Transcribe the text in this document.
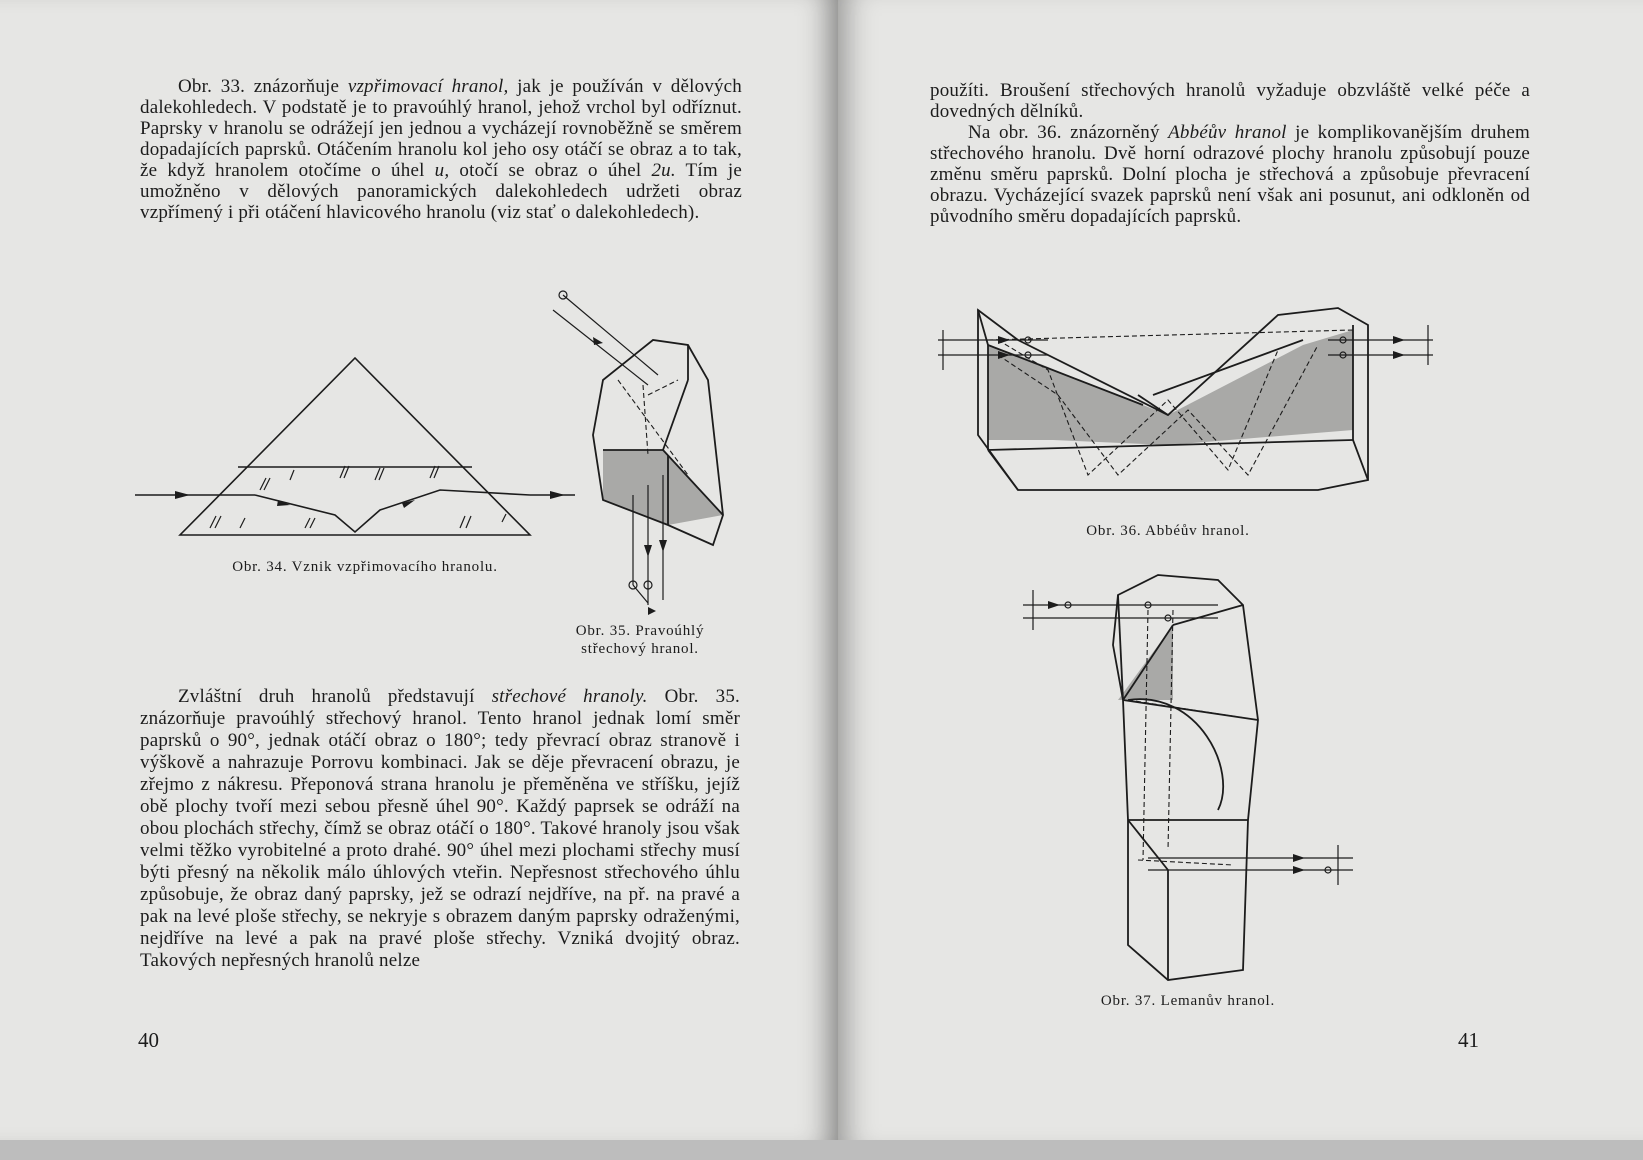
Obr. 33. znázorňuje vzpřimovací hranol, jak je používán v dělových dalekohledech. V podstatě je to pravoúhlý hranol, jehož vrchol byl odříznut. Paprsky v hranolu se odrážejí jen jednou a vycházejí rovnoběžně se směrem dopadajících paprsků. Otáčením hranolu kol jeho osy otáčí se obraz a to tak, že když hranolem otočíme o úhel u, otočí se obraz o úhel 2u. Tím je umožněno v dělových panoramických dalekohledech udržeti obraz vzpřímený i při otáčení hlavicového hranolu (viz stať o dalekohledech).

Obr. 34. Vznik vzpřimovacího hranolu.
Obr. 35. Pravoúhlý
střechový hranol.

Zvláštní druh hranolů představují střechové hranoly. Obr. 35. znázorňuje pravoúhlý střechový hranol. Tento hranol jednak lomí směr paprsků o 90°, jednak otáčí obraz o 180°; tedy převrací obraz stranově i výškově a nahrazuje Porrovu kombinaci. Jak se děje převracení obrazu, je zřejmo z nákresu. Přeponová strana hranolu je přeměněna ve stříšku, jejíž obě plochy tvoří mezi sebou přesně úhel 90°. Každý paprsek se odráží na obou plochách střechy, čímž se obraz otáčí o 180°. Takové hranoly jsou však velmi těžko vyrobitelné a proto drahé. 90° úhel mezi plochami střechy musí býti přesný na několik málo úhlových vteřin. Nepřesnost střechového úhlu způsobuje, že obraz daný paprsky, jež se odrazí nejdříve, na př. na pravé a pak na levé ploše střechy, se nekryje s obrazem daným paprsky odraženými, nejdříve na levé a pak na pravé ploše střechy. Vzniká dvojitý obraz. Takových nepřesných hranolů nelze

40

použíti. Broušení střechových hranolů vyžaduje obzvláště velké péče a dovedných dělníků.

Na obr. 36. znázorněný Abbéův hranol je komplikovanějším druhem střechového hranolu. Dvě horní odrazové plochy hranolu způsobují pouze změnu směru paprsků. Dolní plocha je střechová a způsobuje převracení obrazu. Vycházející svazek paprsků není však ani posunut, ani odkloněn od původního směru dopadajících paprsků.

Obr. 36. Abbéův hranol.
Obr. 37. Lemanův hranol.
41
